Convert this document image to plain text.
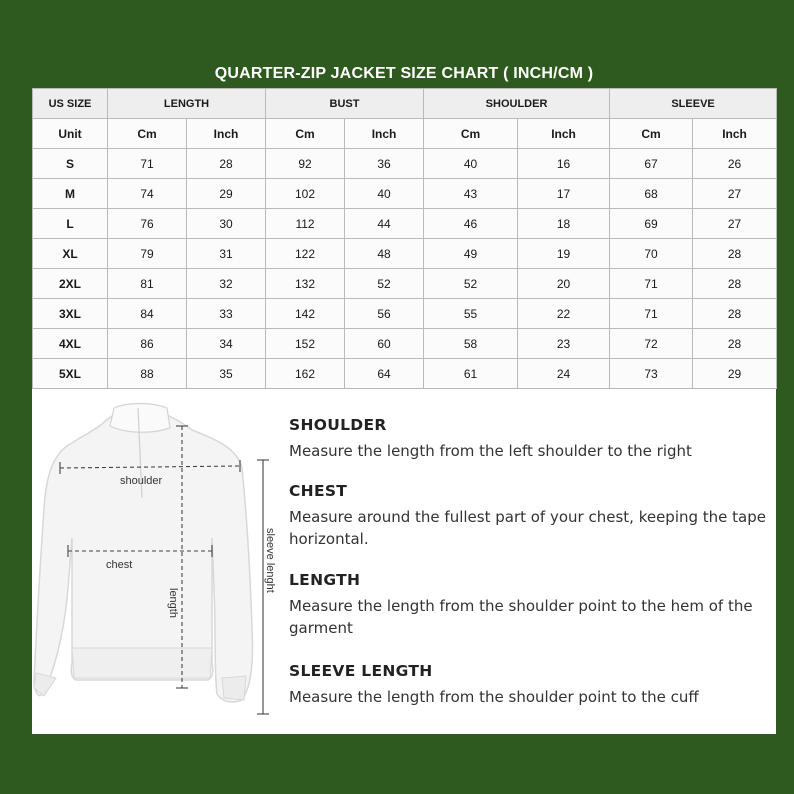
QUARTER-ZIP JACKET SIZE CHART ( INCH/CM )
US SIZE	LENGTH		BUST		SHOULDER		SLEEVE	
Unit	Cm	Inch	Cm	Inch	Cm	Inch	Cm	Inch
S	71	28	92	36	40	16	67	26
M	74	29	102	40	43	17	68	27
L	76	30	112	44	46	18	69	27
XL	79	31	122	48	49	19	70	28
2XL	81	32	132	52	52	20	71	28
3XL	84	33	142	56	55	22	71	28
4XL	86	34	152	60	58	23	72	28
5XL	88	35	162	64	61	24	73	29
shoulder
chest
length
sleeve lenght
SHOULDER
Measure the length from the left shoulder to the right
CHEST
Measure around the fullest part of your chest, keeping the tape horizontal.
LENGTH
Measure the length from the shoulder point to the hem of the garment
SLEEVE LENGTH
Measure the length from the shoulder point to the cuff
